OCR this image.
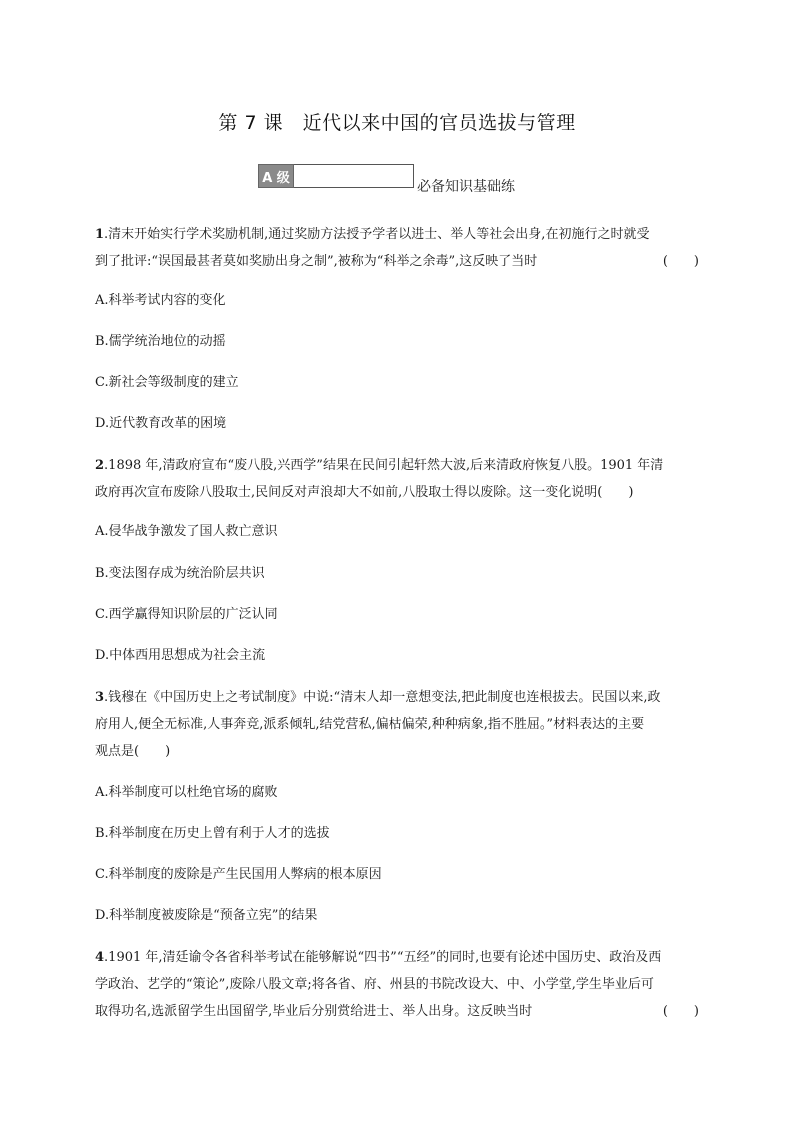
第 7 课　近代以来中国的官员选拔与管理
A 级
必备知识基础练
1.清末开始实行学术奖励机制,通过奖励方法授予学者以进士、举人等社会出身,在初施行之时就受
到了批评:“误国最甚者莫如奖励出身之制”,被称为“科举之余毒”,这反映了当时	(　　)
A.科举考试内容的变化
B.儒学统治地位的动摇
C.新社会等级制度的建立
D.近代教育改革的困境
2.1898 年,清政府宣布“废八股,兴西学”结果在民间引起轩然大波,后来清政府恢复八股。1901 年清
政府再次宣布废除八股取士,民间反对声浪却大不如前,八股取士得以废除。这一变化说明(　　)
A.侵华战争激发了国人救亡意识
B.变法图存成为统治阶层共识
C.西学赢得知识阶层的广泛认同
D.中体西用思想成为社会主流
3.钱穆在《中国历史上之考试制度》中说:“清末人却一意想变法,把此制度也连根拔去。民国以来,政
府用人,便全无标准,人事奔竞,派系倾轧,结党营私,偏枯偏荣,种种病象,指不胜屈。”材料表达的主要
观点是(　　)
A.科举制度可以杜绝官场的腐败
B.科举制度在历史上曾有利于人才的选拔
C.科举制度的废除是产生民国用人弊病的根本原因
D.科举制度被废除是“预备立宪”的结果
4.1901 年,清廷谕令各省科举考试在能够解说“四书”“五经”的同时,也要有论述中国历史、政治及西
学政治、艺学的“策论”,废除八股文章;将各省、府、州县的书院改设大、中、小学堂,学生毕业后可
取得功名,选派留学生出国留学,毕业后分别赏给进士、举人出身。这反映当时	(　　)
